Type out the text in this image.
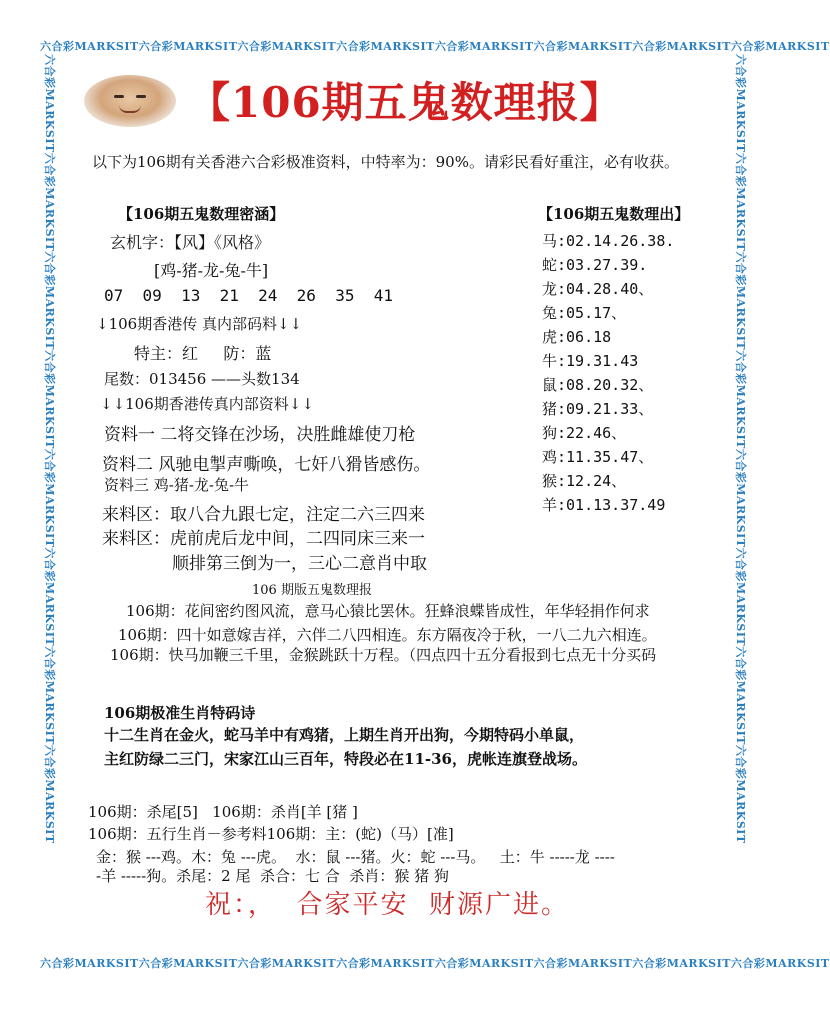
六合彩MARKSIT六合彩MARKSIT六合彩MARKSIT六合彩MARKSIT六合彩MARKSIT六合彩MARKSIT六合彩MARKSIT六合彩MARKSIT
六合彩MARKSIT六合彩MARKSIT六合彩MARKSIT六合彩MARKSIT六合彩MARKSIT六合彩MARKSIT六合彩MARKSIT六合彩MARKSIT
六合彩MARKSIT六合彩MARKSIT六合彩MARKSIT六合彩MARKSIT六合彩MARKSIT六合彩MARKSIT六合彩MARKSIT六合彩MARKSIT
六合彩MARKSIT六合彩MARKSIT六合彩MARKSIT六合彩MARKSIT六合彩MARKSIT六合彩MARKSIT六合彩MARKSIT六合彩MARKSIT
【106期五鬼数理报】
以下为106期有关香港六合彩极准资料，中特率为：90%。请彩民看好重注，必有收获。
【106期五鬼数理密涵】
玄机字：【风】《风格》
[鸡-猪-龙-兔-牛]
07  09  13  21  24  26  35  41
↓106期香港传 真内部码料↓↓
特主：红     防：蓝
尾数：013456 ——头数134
↓↓106期香港传真内部资料↓↓
资料一 二将交锋在沙场，决胜雌雄使刀枪
资料二 风驰电掣声嘶唤，七奸八猾皆感伤。
资料三 鸡-猪-龙-兔-牛
来料区：取八合九跟七定，注定二六三四来
来料区：虎前虎后龙中间，二四同床三来一
顺排第三倒为一，三心二意肖中取
【106期五鬼数理出】
马:02.14.26.38.
蛇:03.27.39.
龙:04.28.40、
兔:05.17、
虎:06.18
牛:19.31.43
鼠:08.20.32、
猪:09.21.33、
狗:22.46、
鸡:11.35.47、
猴:12.24、
羊:01.13.37.49
106 期版五鬼数理报
106期：花间密约图风流，意马心猿比罢休。狂蜂浪蝶皆成性，年华轻捐作何求
106期：四十如意嫁吉祥，六伴二八四相连。东方隔夜冷于秋，一八二九六相连。
106期：快马加鞭三千里，金猴跳跃十万程。（四点四十五分看报到七点无十分买码
106期极准生肖特码诗
十二生肖在金火，蛇马羊中有鸡猪，上期生肖开出狗，今期特码小单鼠，
主红防绿二三门，宋家江山三百年，特段必在11-36，虎帐连旗登战场。
106期：杀尾[5]   106期：杀肖[羊 [猪 ]
106期：五行生肖－参考料106期：主：(蛇)（马）[准]
金：猴 ---鸡。木：兔 ---虎。  水：鼠 ---猪。火：蛇 ---马。   土：牛 -----龙 ----
-羊 -----狗。杀尾：2 尾  杀合：七 合  杀肖：猴 猪 狗
祝：，  合家平安  财源广进。
